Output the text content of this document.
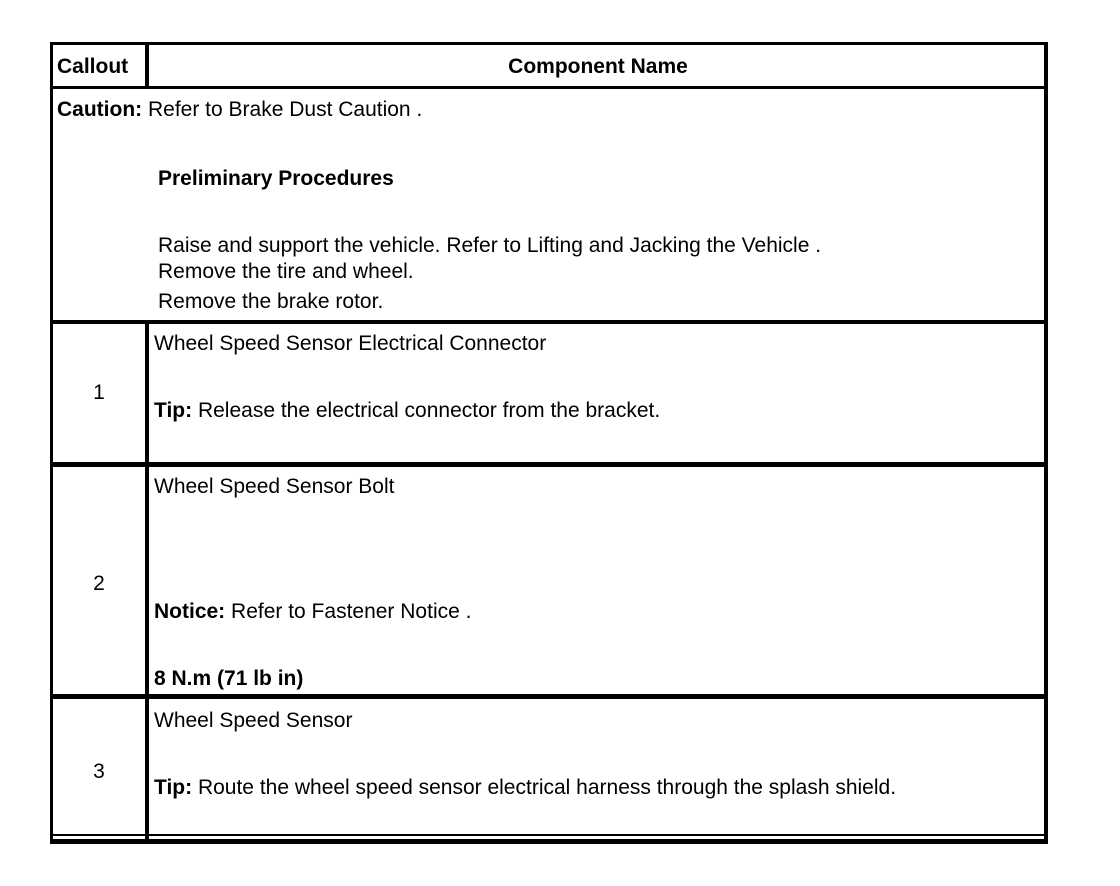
Callout	Component Name
Caution: Refer to Brake Dust Caution .
Preliminary Procedures
Raise and support the vehicle. Refer to Lifting and Jacking the Vehicle .
Remove the tire and wheel.
Remove the brake rotor.
1
Wheel Speed Sensor Electrical Connector
Tip: Release the electrical connector from the bracket.
2
Wheel Speed Sensor Bolt
Notice: Refer to Fastener Notice .
8 N.m (71 lb in)
3
Wheel Speed Sensor
Tip: Route the wheel speed sensor electrical harness through the splash shield.
